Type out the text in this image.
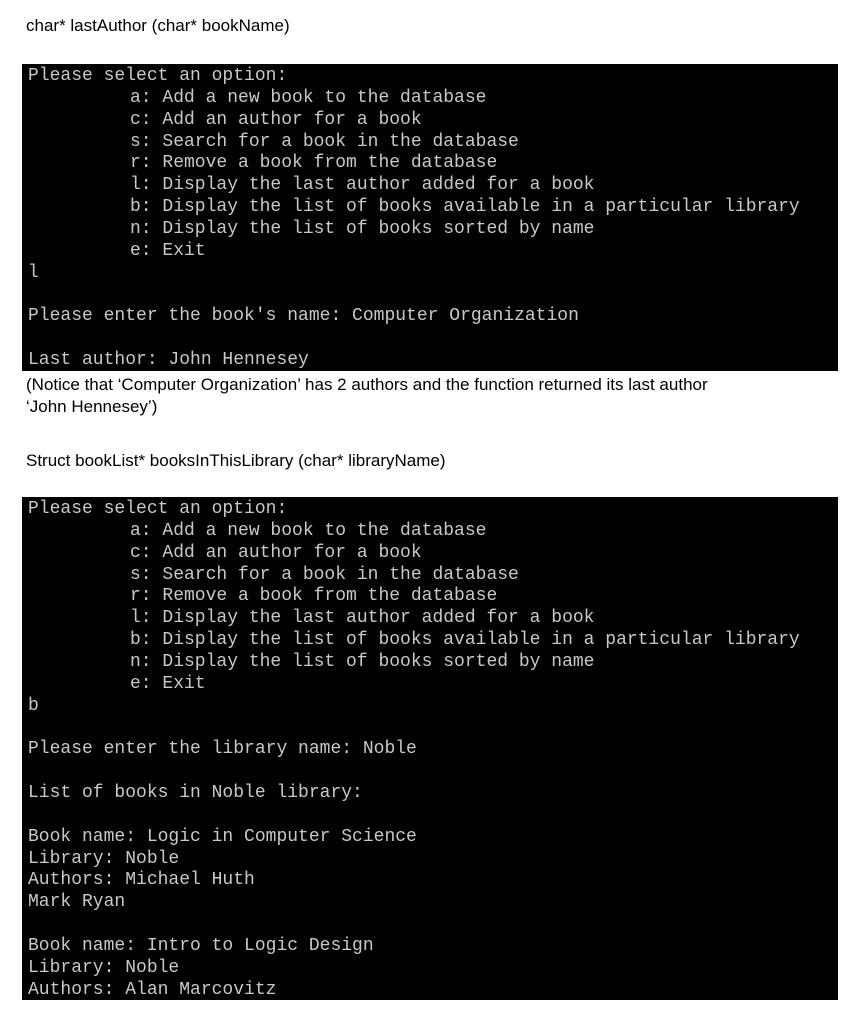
char* lastAuthor (char* bookName)
Please select an option:
a: Add a new book to the database
c: Add an author for a book
s: Search for a book in the database
r: Remove a book from the database
l: Display the last author added for a book
b: Display the list of books available in a particular library
n: Display the list of books sorted by name
e: Exit
l
Please enter the book's name: Computer Organization
Last author: John Hennesey
(Notice that ‘Computer Organization’ has 2 authors and the function returned its last author
‘John Hennesey’)
Struct bookList* booksInThisLibrary (char* libraryName)
Please select an option:
a: Add a new book to the database
c: Add an author for a book
s: Search for a book in the database
r: Remove a book from the database
l: Display the last author added for a book
b: Display the list of books available in a particular library
n: Display the list of books sorted by name
e: Exit
b
Please enter the library name: Noble
List of books in Noble library:
Book name: Logic in Computer Science
Library: Noble
Authors: Michael Huth
Mark Ryan
Book name: Intro to Logic Design
Library: Noble
Authors: Alan Marcovitz
